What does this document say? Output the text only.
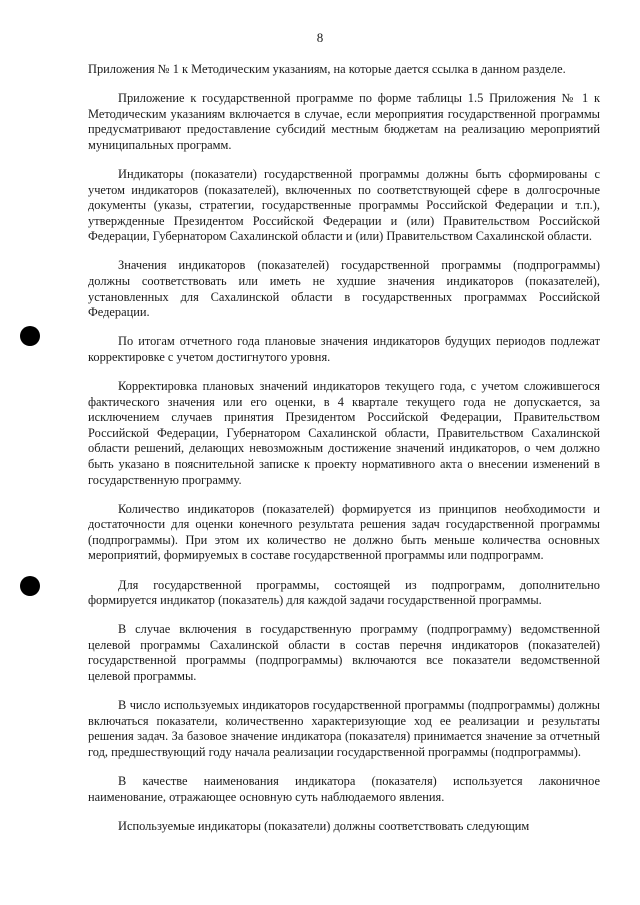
8

Приложения № 1 к Методическим указаниям, на которые дается ссылка в данном разделе.

Приложение к государственной программе по форме таблицы 1.5 Приложения № 1 к Методическим указаниям включается в случае, если мероприятия государственной программы предусматривают предоставление субсидий местным бюджетам на реализацию мероприятий муниципальных программ.

Индикаторы (показатели) государственной программы должны быть сформированы с учетом индикаторов (показателей), включенных по соответствующей сфере в долгосрочные документы (указы, стратегии, государственные программы Российской Федерации и т.п.), утвержденные Президентом Российской Федерации и (или) Правительством Российской Федерации, Губернатором Сахалинской области и (или) Правительством Сахалинской области.

Значения индикаторов (показателей) государственной программы (подпрограммы) должны соответствовать или иметь не худшие значения индикаторов (показателей), установленных для Сахалинской области в государственных программах Российской Федерации.

По итогам отчетного года плановые значения индикаторов будущих периодов подлежат корректировке с учетом достигнутого уровня.

Корректировка плановых значений индикаторов текущего года, с учетом сложившегося фактического значения или его оценки, в 4 квартале текущего года не допускается, за исключением случаев принятия Президентом Российской Федерации, Правительством Российской Федерации, Губернатором Сахалинской области, Правительством Сахалинской области решений, делающих невозможным достижение значений индикаторов, о чем должно быть указано в пояснительной записке к проекту нормативного акта о внесении изменений в государственную программу.

Количество индикаторов (показателей) формируется из принципов необходимости и достаточности для оценки конечного результата решения задач государственной программы (подпрограммы). При этом их количество не должно быть меньше количества основных мероприятий, формируемых в составе государственной программы или подпрограмм.

Для государственной программы, состоящей из подпрограмм, дополнительно формируется индикатор (показатель) для каждой задачи государственной программы.

В случае включения в государственную программу (подпрограмму) ведомственной целевой программы Сахалинской области в состав перечня индикаторов (показателей) государственной программы (подпрограммы) включаются все показатели ведомственной целевой программы.

В число используемых индикаторов государственной программы (подпрограммы) должны включаться показатели, количественно характеризующие ход ее реализации и результаты решения задач. За базовое значение индикатора (показателя) принимается значение за отчетный год, предшествующий году начала реализации государственной программы (подпрограммы).

В качестве наименования индикатора (показателя) используется лаконичное наименование, отражающее основную суть наблюдаемого явления.

Используемые индикаторы (показатели) должны соответствовать следующим
